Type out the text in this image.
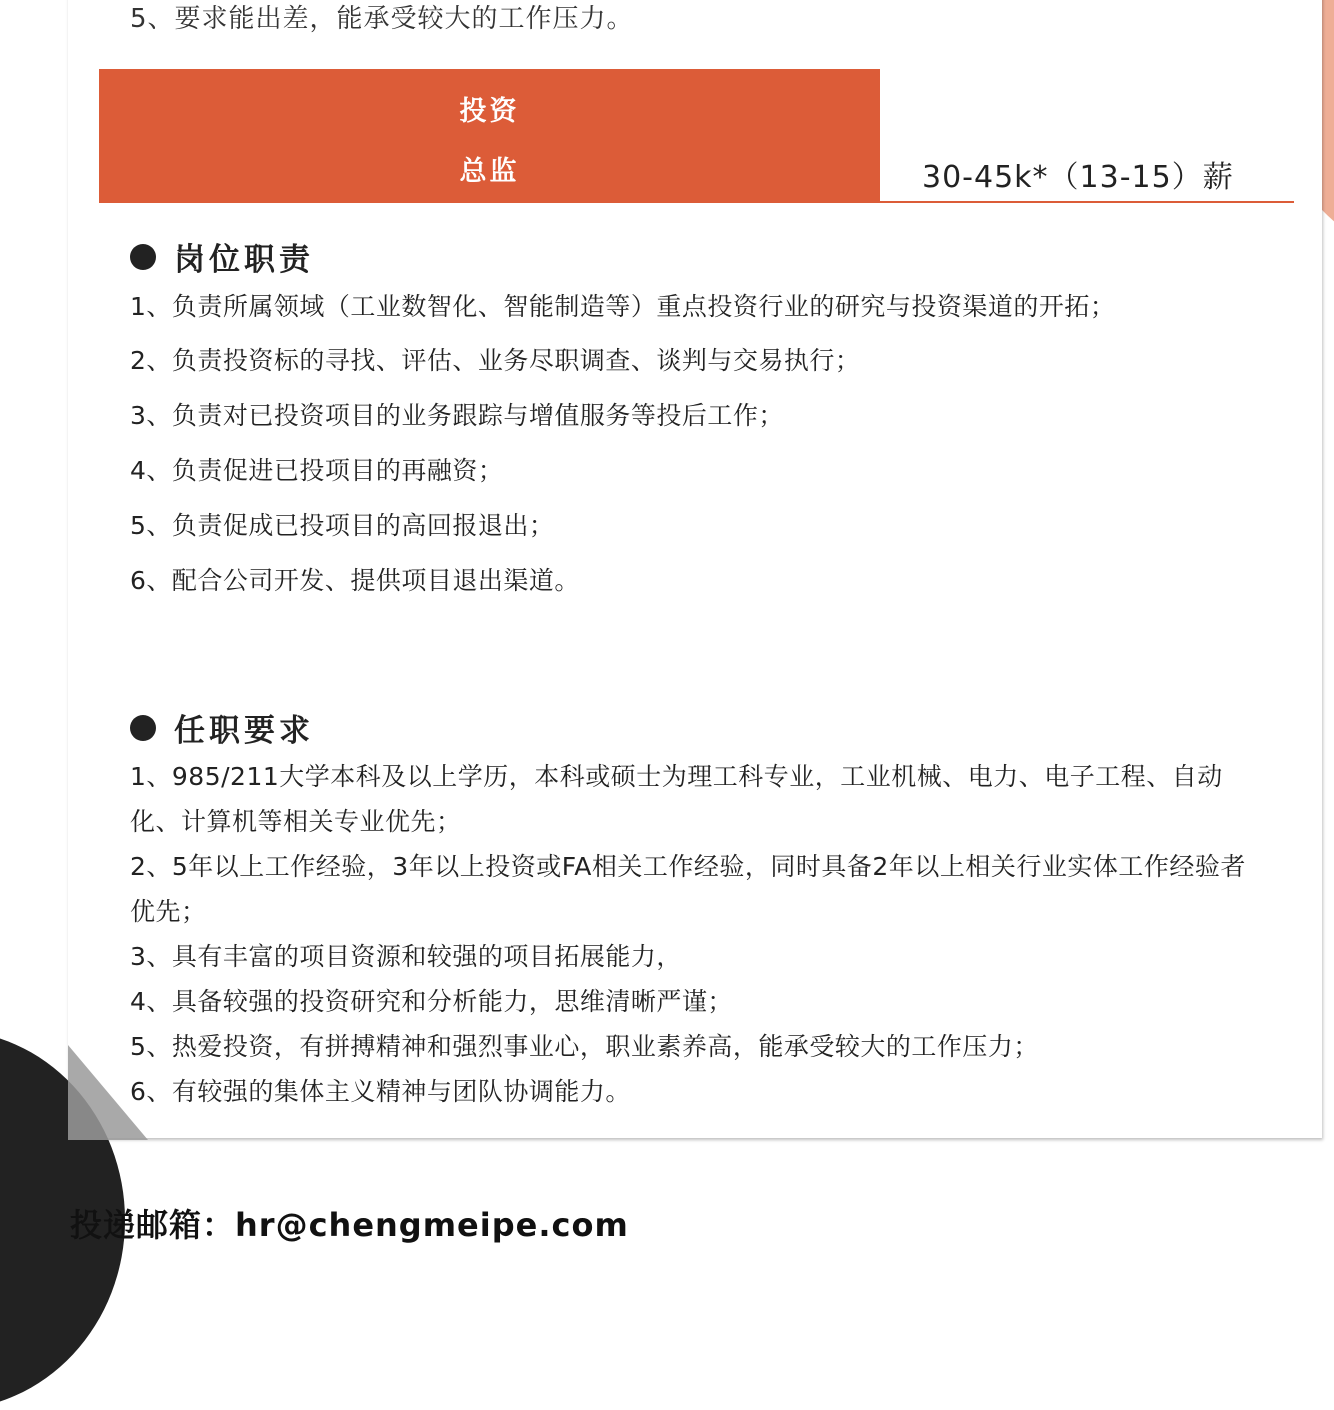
5、要求能出差，能承受较大的工作压力。

投资
总监	30-45k*（13-15）薪
岗位职责

1、负责所属领域（工业数智化、智能制造等）重点投资行业的研究与投资渠道的开拓；

2、负责投资标的寻找、评估、业务尽职调查、谈判与交易执行；

3、负责对已投资项目的业务跟踪与增值服务等投后工作；

4、负责促进已投项目的再融资；

5、负责促成已投项目的高回报退出；

6、配合公司开发、提供项目退出渠道。

任职要求

1、985/211大学本科及以上学历，本科或硕士为理工科专业，工业机械、电力、电子工程、自动化、计算机等相关专业优先；

2、5年以上工作经验，3年以上投资或FA相关工作经验，同时具备2年以上相关行业实体工作经验者优先；

3、具有丰富的项目资源和较强的项目拓展能力，

4、具备较强的投资研究和分析能力，思维清晰严谨；

5、热爱投资，有拼搏精神和强烈事业心，职业素养高，能承受较大的工作压力；

6、有较强的集体主义精神与团队协调能力。

投递邮箱：hr@chengmeipe.com
